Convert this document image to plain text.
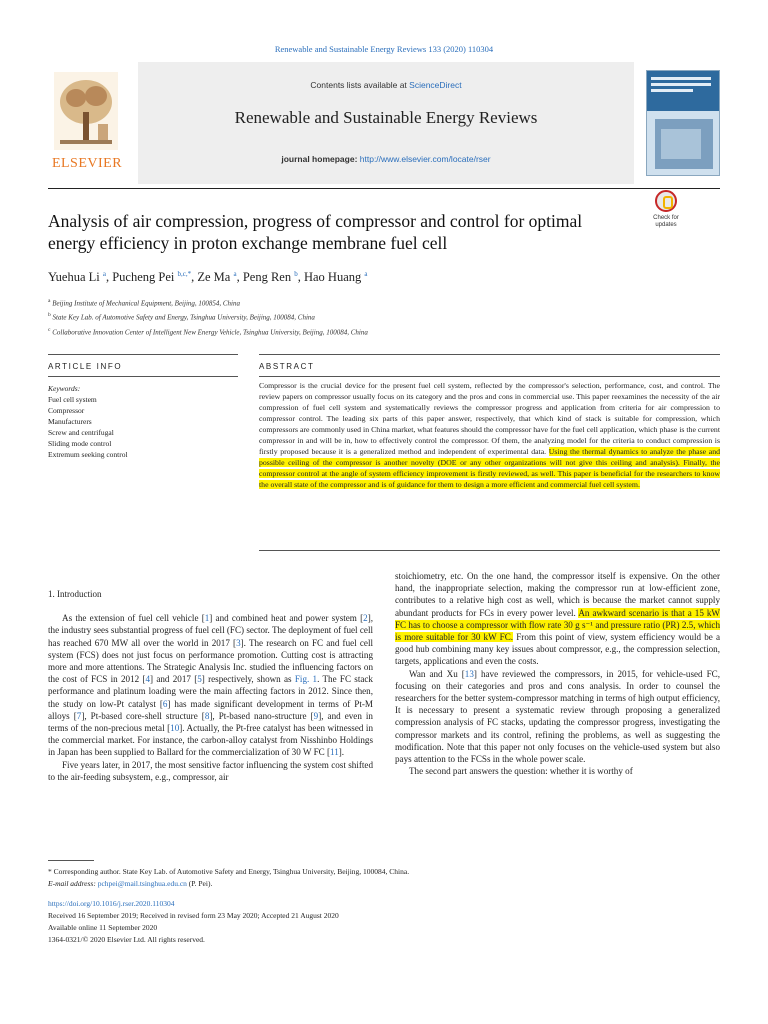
Renewable and Sustainable Energy Reviews 133 (2020) 110304
ELSEVIER
Contents lists available at ScienceDirect
Renewable and Sustainable Energy Reviews
journal homepage: http://www.elsevier.com/locate/rser
Analysis of air compression, progress of compressor and control for optimal energy efficiency in proton exchange membrane fuel cell
Check for
updates
Yuehua Li $^a$, Pucheng Pei $^{b,c,*}$, Ze Ma $^a$, Peng Ren $^b$, Hao Huang $^a$
$^a$ Beijing Institute of Mechanical Equipment, Beijing, 100854, China
$^b$ State Key Lab. of Automotive Safety and Energy, Tsinghua University, Beijing, 100084, China
$^c$ Collaborative Innovation Center of Intelligent New Energy Vehicle, Tsinghua University, Beijing, 100084, China
ARTICLE INFO	ABSTRACT
Keywords:
Fuel cell system
Compressor
Manufacturers
Screw and centrifugal
Sliding mode control
Extremum seeking control
Compressor is the crucial device for the present fuel cell system, reflected by the compressor's selection, performance, cost, and control. The review papers on compressor usually focus on its category and the pros and cons in commercial use. This paper reexamines the necessity of the air compression of fuel cell system and systematically reviews the compressor progress and application from criteria for air compression to compressor control. The leading six parts of this paper answer, respectively, that which kind of stack is suitable for compression, which compressors are commonly used in China market, what features should the compressor have for the fuel cell application, which phase is the current compressor in and will be in, how to effectively control the compressor. Of them, the analyzing model for the criteria to conduct compression is firstly proposed because it is a generalized method and independent of experimental data. Using the thermal dynamics to analyze the phase and possible ceiling of the compressor is another novelty (DOE or any other organizations will not give this ceiling and analysis). Finally, the compressor control at the angle of system efficiency improvement is firstly reviewed, as well. This paper is beneficial for the researchers to know the overall state of the compressor and is of guidance for them to design a more efficient and commercial fuel cell system.
1. Introduction

As the extension of fuel cell vehicle [1] and combined heat and power system [2], the industry sees substantial progress of fuel cell (FC) sector. The deployment of fuel cell has reached 670 MW all over the world in 2017 [3]. The research on FC and fuel cell system (FCS) does not just focus on performance promotion. Cutting cost is attracting more and more attentions. The Strategic Analysis Inc. studied the influencing factors on the cost of FCS in 2012 [4] and 2017 [5] respectively, shown as Fig. 1. The FC stack performance and platinum loading were the main affecting factors in 2012. Since then, the study on low-Pt catalyst [6] has made significant development in terms of Pt-M alloys [7], Pt-based core-shell structure [8], Pt-based nano-structure [9], and even in terms of the non-precious metal [10]. Actually, the Pt-free catalyst has been witnessed in the commercial market. For instance, the carbon-alloy catalyst from Nisshinbo Holdings in Japan has been supplied to Ballard for the commercialization of 30 W FC [11].

Five years later, in 2017, the most sensitive factor influencing the system cost shifted to the air-feeding subsystem, e.g., compressor, air

stoichiometry, etc. On the one hand, the compressor itself is expensive. On the other hand, the inappropriate selection, making the compressor run at low-efficient zone, contributes to a relative high cost as well, which is because the market cannot supply abundant products for FCs in every power level. An awkward scenario is that a 15 kW FC has to choose a compressor with flow rate 30 g s⁻¹ and pressure ratio (PR) 2.5, which is more suitable for 30 kW FC. From this point of view, system efficiency would be a good hub combining many key issues about compressor, e.g., the compression selection, targets, applications and even the costs.

Wan and Xu [13] have reviewed the compressors, in 2015, for vehicle-used FC, focusing on their categories and pros and cons analysis. In order to counsel the researchers for the better system-compressor matching in terms of high output efficiency, It is necessary to present a systematic review through proposing a generalized compression analysis of FC stacks, updating the compressor progress, investigating the compressor markets and its control, refining the problems, as well as suggesting the modification. Note that this paper not only focuses on the vehicle-used system but also pays attention to the FCSs in the whole power scale.

The second part answers the question: whether it is worthy of

* Corresponding author. State Key Lab. of Automotive Safety and Energy, Tsinghua University, Beijing, 100084, China.
E-mail address: pchpei@mail.tsinghua.edu.cn (P. Pei).
https://doi.org/10.1016/j.rser.2020.110304
Received 16 September 2019; Received in revised form 23 May 2020; Accepted 21 August 2020
Available online 11 September 2020
1364-0321/© 2020 Elsevier Ltd. All rights reserved.
